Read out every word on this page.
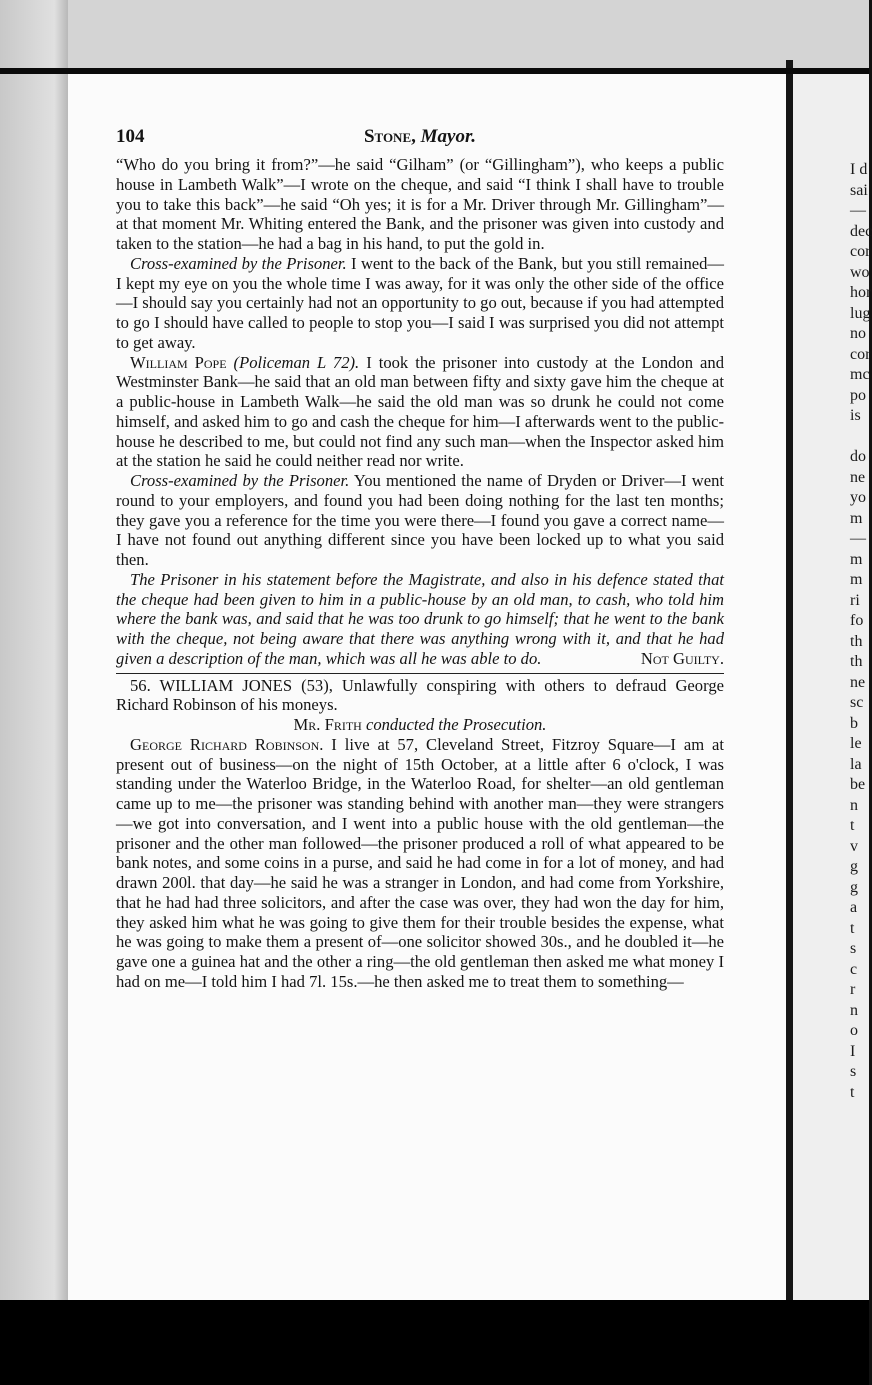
104	Stone, Mayor.

“Who do you bring it from?”—he said “Gilham” (or “Gillingham”), who keeps a public house in Lambeth Walk”—I wrote on the cheque, and said “I think I shall have to trouble you to take this back”—he said “Oh yes; it is for a Mr. Driver through Mr. Gillingham”—at that moment Mr. Whiting entered the Bank, and the prisoner was given into custody and taken to the station—he had a bag in his hand, to put the gold in.

Cross-examined by the Prisoner. I went to the back of the Bank, but you still remained—I kept my eye on you the whole time I was away, for it was only the other side of the office—I should say you certainly had not an opportunity to go out, because if you had attempted to go I should have called to people to stop you—I said I was surprised you did not attempt to get away.

William Pope (Policeman L 72). I took the prisoner into custody at the London and Westminster Bank—he said that an old man between fifty and sixty gave him the cheque at a public-house in Lambeth Walk—he said the old man was so drunk he could not come himself, and asked him to go and cash the cheque for him—I afterwards went to the public-house he described to me, but could not find any such man—when the Inspector asked him at the station he said he could neither read nor write.

Cross-examined by the Prisoner. You mentioned the name of Dryden or Driver—I went round to your employers, and found you had been doing nothing for the last ten months; they gave you a reference for the time you were there—I found you gave a correct name—I have not found out anything different since you have been locked up to what you said then.

The Prisoner in his statement before the Magistrate, and also in his defence stated that the cheque had been given to him in a public-house by an old man, to cash, who told him where the bank was, and said that he was too drunk to go himself; that he went to the bank with the cheque, not being aware that there was anything wrong with it, and that he had given a description of the man, which was all he was able to do.	Not Guilty.

56. WILLIAM JONES (53), Unlawfully conspiring with others to defraud George Richard Robinson of his moneys.

Mr. Frith conducted the Prosecution.

George Richard Robinson. I live at 57, Cleveland Street, Fitzroy Square—I am at present out of business—on the night of 15th October, at a little after 6 o'clock, I was standing under the Waterloo Bridge, in the Waterloo Road, for shelter—an old gentleman came up to me—the prisoner was standing behind with another man—they were strangers—we got into conversation, and I went into a public house with the old gentleman—the prisoner and the other man followed—the prisoner produced a roll of what appeared to be bank notes, and some coins in a purse, and said he had come in for a lot of money, and had drawn 200l. that day—he said he was a stranger in London, and had come from Yorkshire, that he had had three solicitors, and after the case was over, they had won the day for him, they asked him what he was going to give them for their trouble besides the expense, what he was going to make them a present of—one solicitor showed 30s., and he doubled it—he gave one a guinea hat and the other a ring—the old gentleman then asked me what money I had on me—I told him I had 7l. 15s.—he then asked me to treat them to something—

I d
sai
—
dec
cor
wo
hor
lug
no
cor
mc
po
is
do
ne
yo
m
—
m
m
ri
fo
th
th
ne
sc
b
le
la
be
n
t
v
g
g
a
t
s
c
r
n
o
I
s
t
